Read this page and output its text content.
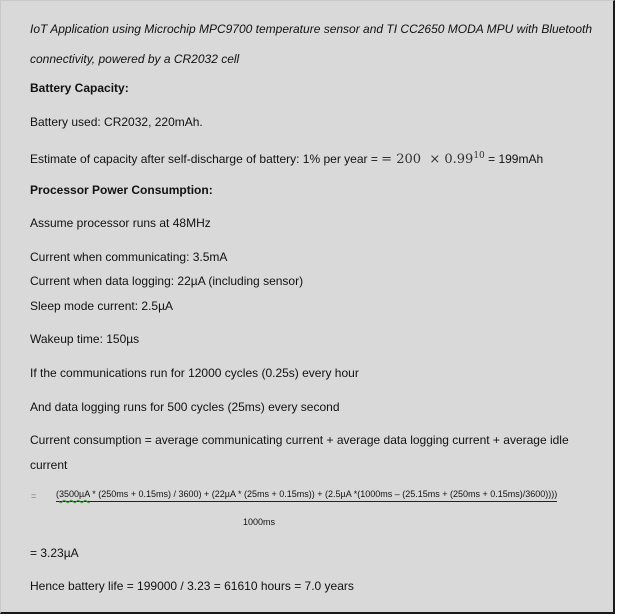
IoT Application using Microchip MPC9700 temperature sensor and TI CC2650 MODA MPU with Bluetooth
connectivity, powered by a CR2032 cell
Battery Capacity:
Battery used: CR2032, 220mAh.
Estimate of capacity after self-discharge of battery: 1% per year = = $200 \times 0.99^{10} = 199mAh$
Processor Power Consumption:
Assume processor runs at 48MHz
Current when communicating: 3.5mA
Current when data logging: 22µA (including sensor)
Sleep mode current: 2.5µA
Wakeup time: 150µs
If the communications run for 12000 cycles (0.25s) every hour
And data logging runs for 500 cycles (25ms) every second
Current consumption = average communicating current + average data logging current + average idle
current
= (3500µA * (250ms + 0.15ms) / 3600) + (22µA * (25ms + 0.15ms)) + (2.5µA *(1000ms – (25.15ms + (250ms + 0.15ms)/3600))))
1000ms
= 3.23µA
Hence battery life = 199000 / 3.23 = 61610 hours = 7.0 years
